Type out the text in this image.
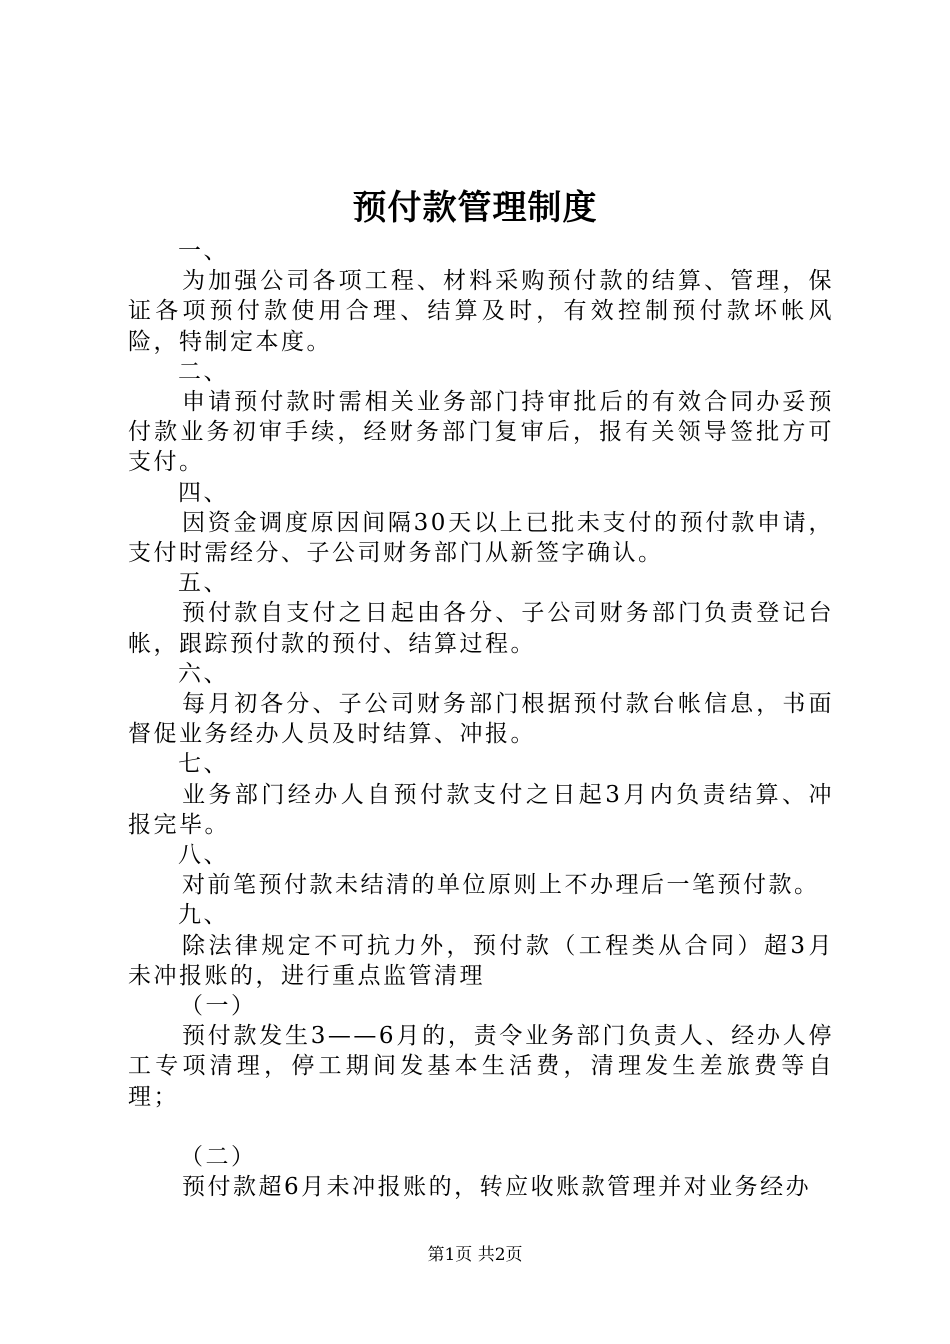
预付款管理制度
一、
为加强公司各项工程、材料采购预付款的结算、管理，保证各项预付款使用合理、结算及时，有效控制预付款坏帐风险，特制定本度。
二、
申请预付款时需相关业务部门持审批后的有效合同办妥预付款业务初审手续，经财务部门复审后，报有关领导签批方可支付。
四、
因资金调度原因间隔30天以上已批未支付的预付款申请，支付时需经分、子公司财务部门从新签字确认。
五、
预付款自支付之日起由各分、子公司财务部门负责登记台帐，跟踪预付款的预付、结算过程。
六、
每月初各分、子公司财务部门根据预付款台帐信息，书面督促业务经办人员及时结算、冲报。
七、
业务部门经办人自预付款支付之日起3月内负责结算、冲报完毕。
八、
对前笔预付款未结清的单位原则上不办理后一笔预付款。
九、
除法律规定不可抗力外，预付款（工程类从合同）超3月未冲报账的，进行重点监管清理
（一）
预付款发生3——6月的，责令业务部门负责人、经办人停工专项清理，停工期间发基本生活费，清理发生差旅费等自理；
（二）
预付款超6月未冲报账的，转应收账款管理并对业务经办
第1页 共2页
